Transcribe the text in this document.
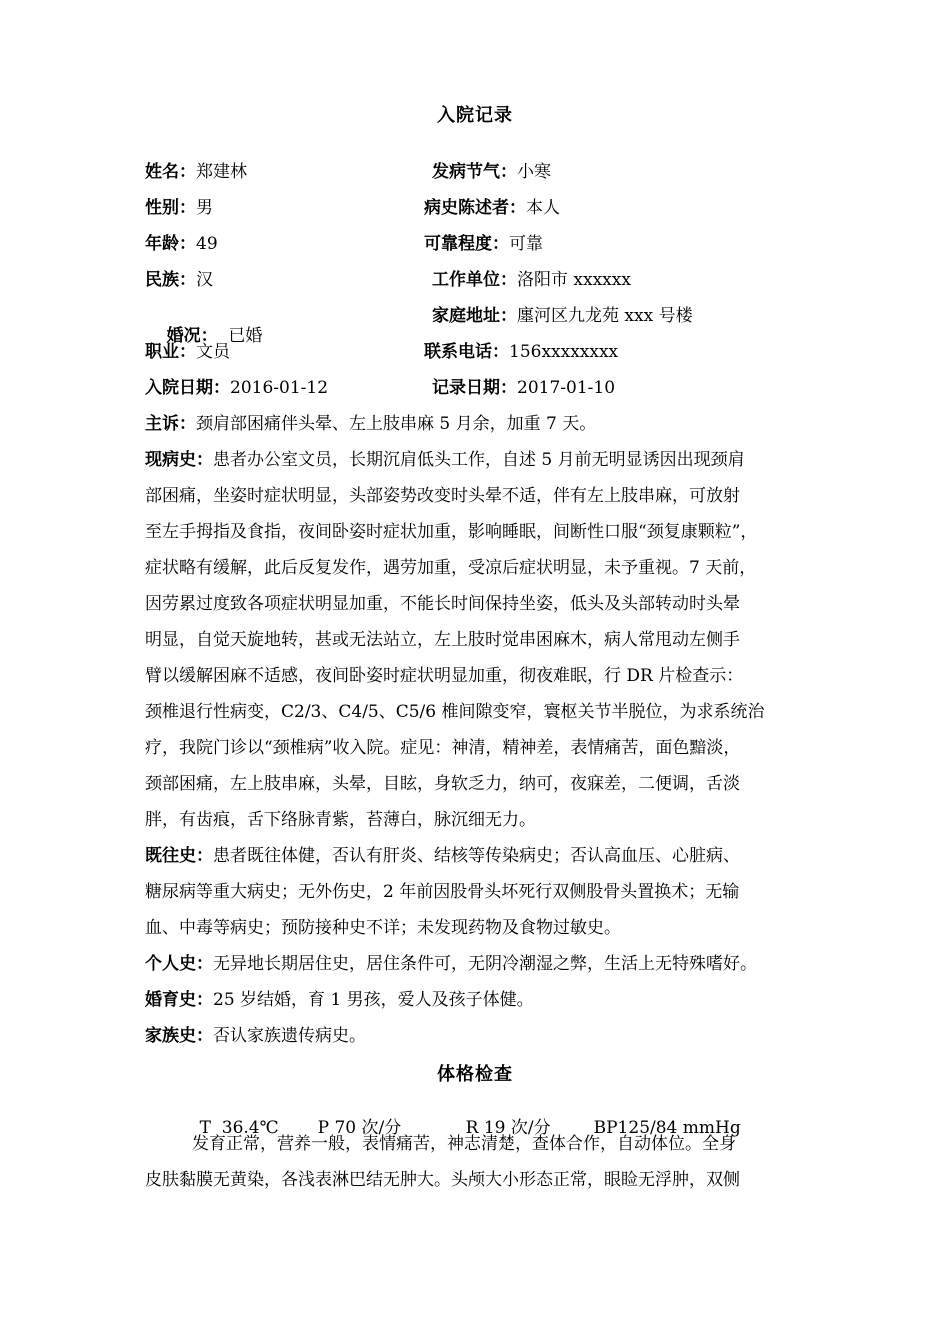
入院记录
姓名：郑建林
性别：男
年龄：49
民族：汉

婚况：  已婚

职业：文员
入院日期：2016-01-12
发病节气：小寒
病史陈述者：本人
可靠程度：可靠
工作单位：洛阳市 xxxxxx
家庭地址：廛河区九龙苑 xxx 号楼
联系电话：156xxxxxxxx
记录日期：2017-01-10
主诉：颈肩部困痛伴头晕、左上肢串麻 5 月余，加重 7 天。
现病史：患者办公室文员，长期沉肩低头工作，自述 5 月前无明显诱因出现颈肩
部困痛，坐姿时症状明显，头部姿势改变时头晕不适，伴有左上肢串麻，可放射
至左手拇指及食指，夜间卧姿时症状加重，影响睡眠，间断性口服“颈复康颗粒”，
症状略有缓解，此后反复发作，遇劳加重，受凉后症状明显，未予重视。7 天前，
因劳累过度致各项症状明显加重，不能长时间保持坐姿，低头及头部转动时头晕
明显，自觉天旋地转，甚或无法站立，左上肢时觉串困麻木，病人常甩动左侧手
臂以缓解困麻不适感，夜间卧姿时症状明显加重，彻夜难眠，行 DR 片检查示：
颈椎退行性病变，C2/3、C4/5、C5/6 椎间隙变窄，寰枢关节半脱位，为求系统治
疗，我院门诊以“颈椎病”收入院。症见：神清，精神差，表情痛苦，面色黯淡，
颈部困痛，左上肢串麻，头晕，目眩，身软乏力，纳可，夜寐差，二便调，舌淡
胖，有齿痕，舌下络脉青紫，苔薄白，脉沉细无力。
既往史：患者既往体健，否认有肝炎、结核等传染病史；否认高血压、心脏病、
糖尿病等重大病史；无外伤史，2 年前因股骨头坏死行双侧股骨头置换术；无输
血、中毒等病史；预防接种史不详；未发现药物及食物过敏史。
个人史：无异地长期居住史，居住条件可，无阴冷潮湿之弊，生活上无特殊嗜好。
婚育史：25 岁结婚，育 1 男孩，爱人及孩子体健。
家族史：否认家族遗传病史。
体格检查

T  36.4℃ P 70 次/分	R 19 次/分	BP125/84 mmHg

发育正常，营养一般，表情痛苦，神志清楚，查体合作，自动体位。全身
皮肤黏膜无黄染，各浅表淋巴结无肿大。头颅大小形态正常，眼睑无浮肿，双侧
